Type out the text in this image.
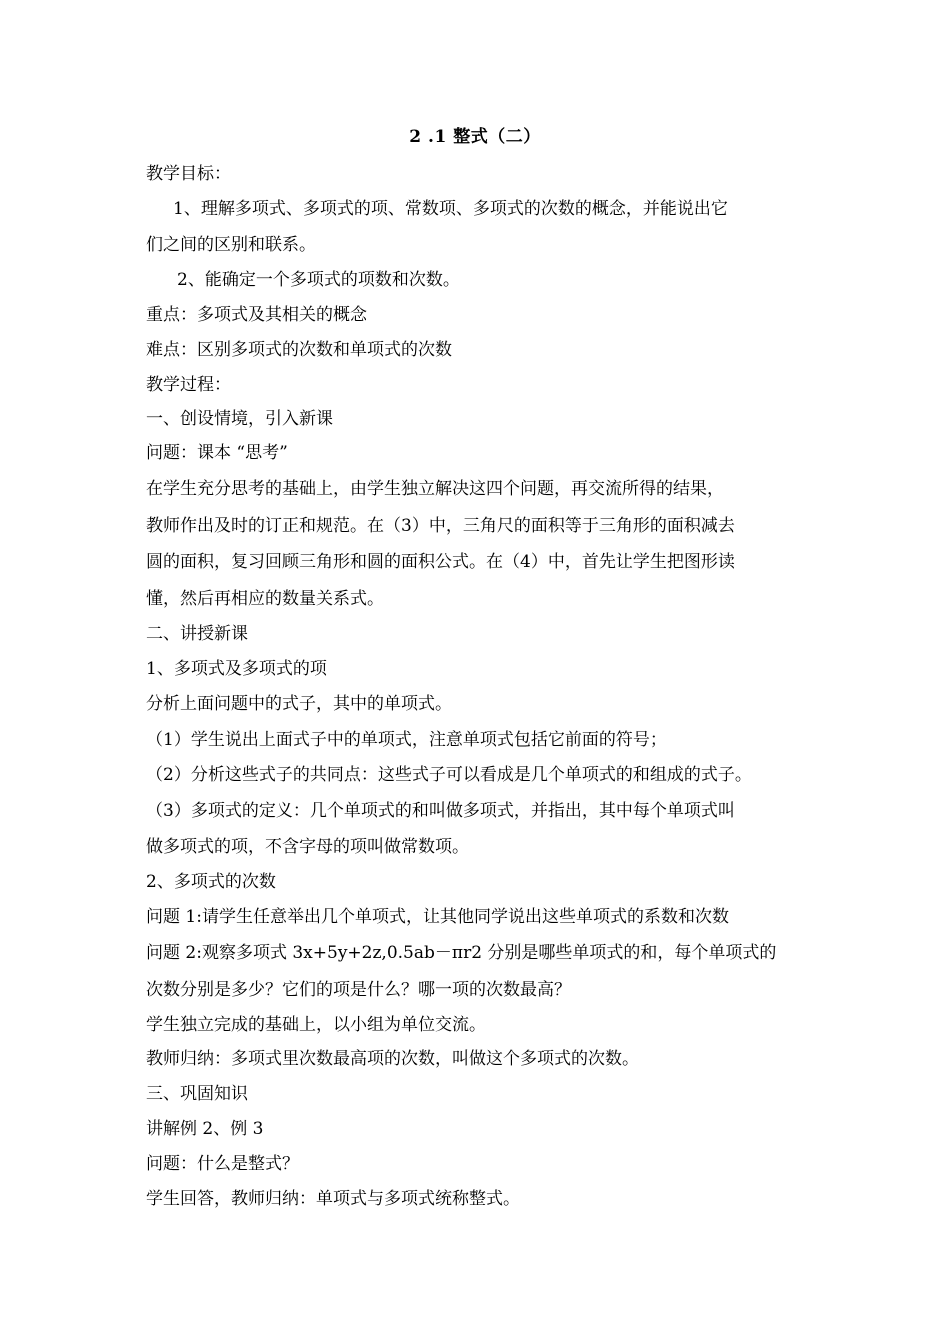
2 .1 整式（二）
教学目标：
1、理解多项式、多项式的项、常数项、多项式的次数的概念，并能说出它
们之间的区别和联系。
2、能确定一个多项式的项数和次数。
重点：多项式及其相关的概念
难点：区别多项式的次数和单项式的次数
教学过程：
一、创设情境，引入新课
问题：课本 “思考”
在学生充分思考的基础上，由学生独立解决这四个问题，再交流所得的结果，
教师作出及时的订正和规范。在（3）中，三角尺的面积等于三角形的面积减去
圆的面积，复习回顾三角形和圆的面积公式。在（4）中，首先让学生把图形读
懂，然后再相应的数量关系式。
二、讲授新课
1、多项式及多项式的项
分析上面问题中的式子，其中的单项式。
（1）学生说出上面式子中的单项式，注意单项式包括它前面的符号；
（2）分析这些式子的共同点：这些式子可以看成是几个单项式的和组成的式子。
（3）多项式的定义：几个单项式的和叫做多项式，并指出，其中每个单项式叫
做多项式的项，不含字母的项叫做常数项。
2、多项式的次数
问题 1:请学生任意举出几个单项式，让其他同学说出这些单项式的系数和次数
问题 2:观察多项式 3x+5y+2z,0.5ab－πr2 分别是哪些单项式的和，每个单项式的
次数分别是多少？它们的项是什么？哪一项的次数最高？
学生独立完成的基础上，以小组为单位交流。
教师归纳：多项式里次数最高项的次数，叫做这个多项式的次数。
三、巩固知识
讲解例 2、例 3
问题：什么是整式？
学生回答，教师归纳：单项式与多项式统称整式。
